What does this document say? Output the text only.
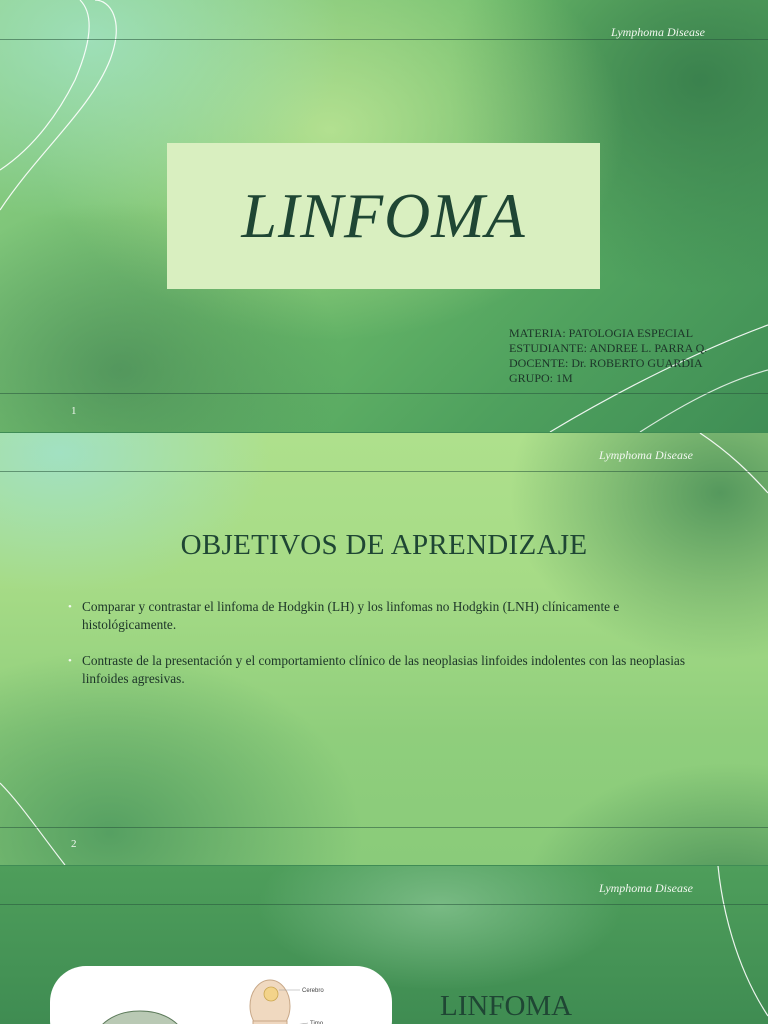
Lymphoma Disease
LINFOMA
MATERIA: PATOLOGIA ESPECIAL
ESTUDIANTE: ANDREE L. PARRA Q.
DOCENTE: Dr. ROBERTO GUARDIA
GRUPO: 1M
1
Lymphoma Disease
OBJETIVOS DE APRENDIZAJE
• Comparar y contrastar el linfoma de Hodgkin (LH) y los linfomas no Hodgkin (LNH) clínicamente e histológicamente.
• Contraste de la presentación y el comportamiento clínico de las neoplasias linfoides indolentes con las neoplasias linfoides agresivas.
2
Lymphoma Disease
Cerebro
Timo
LINFOMA
